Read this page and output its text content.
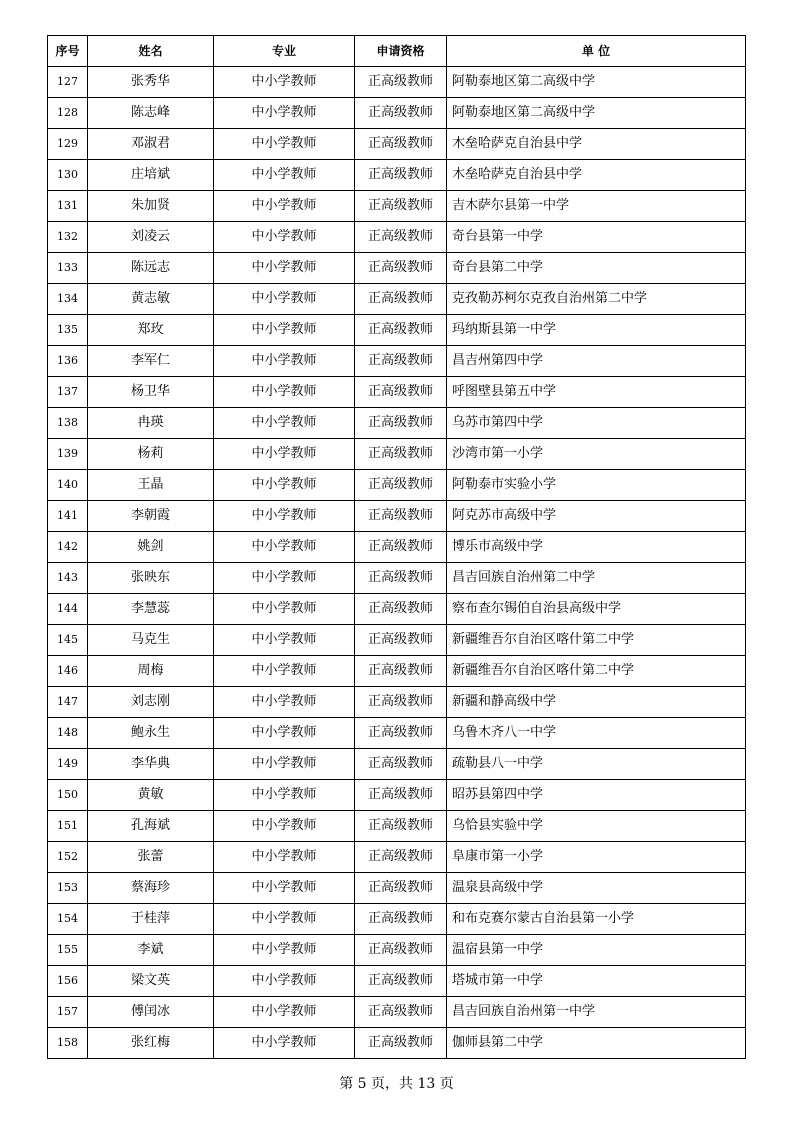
序号	姓名	专业	申请资格	单 位
127	张秀华	中小学教师	正高级教师	阿勒泰地区第二高级中学
128	陈志峰	中小学教师	正高级教师	阿勒泰地区第二高级中学
129	邓淑君	中小学教师	正高级教师	木垒哈萨克自治县中学
130	庄培斌	中小学教师	正高级教师	木垒哈萨克自治县中学
131	朱加贤	中小学教师	正高级教师	吉木萨尔县第一中学
132	刘凌云	中小学教师	正高级教师	奇台县第一中学
133	陈远志	中小学教师	正高级教师	奇台县第二中学
134	黄志敏	中小学教师	正高级教师	克孜勒苏柯尔克孜自治州第二中学
135	郑玫	中小学教师	正高级教师	玛纳斯县第一中学
136	李军仁	中小学教师	正高级教师	昌吉州第四中学
137	杨卫华	中小学教师	正高级教师	呼图壁县第五中学
138	冉瑛	中小学教师	正高级教师	乌苏市第四中学
139	杨莉	中小学教师	正高级教师	沙湾市第一小学
140	王晶	中小学教师	正高级教师	阿勒泰市实验小学
141	李朝霞	中小学教师	正高级教师	阿克苏市高级中学
142	姚剑	中小学教师	正高级教师	博乐市高级中学
143	张映东	中小学教师	正高级教师	昌吉回族自治州第二中学
144	李慧蕊	中小学教师	正高级教师	察布查尔锡伯自治县高级中学
145	马克生	中小学教师	正高级教师	新疆维吾尔自治区喀什第二中学
146	周梅	中小学教师	正高级教师	新疆维吾尔自治区喀什第二中学
147	刘志刚	中小学教师	正高级教师	新疆和静高级中学
148	鲍永生	中小学教师	正高级教师	乌鲁木齐八一中学
149	李华典	中小学教师	正高级教师	疏勒县八一中学
150	黄敏	中小学教师	正高级教师	昭苏县第四中学
151	孔海斌	中小学教师	正高级教师	乌恰县实验中学
152	张蕾	中小学教师	正高级教师	阜康市第一小学
153	蔡海珍	中小学教师	正高级教师	温泉县高级中学
154	于桂萍	中小学教师	正高级教师	和布克赛尔蒙古自治县第一小学
155	李斌	中小学教师	正高级教师	温宿县第一中学
156	梁文英	中小学教师	正高级教师	塔城市第一中学
157	傅闰冰	中小学教师	正高级教师	昌吉回族自治州第一中学
158	张红梅	中小学教师	正高级教师	伽师县第二中学
第 5 页，共 13 页
